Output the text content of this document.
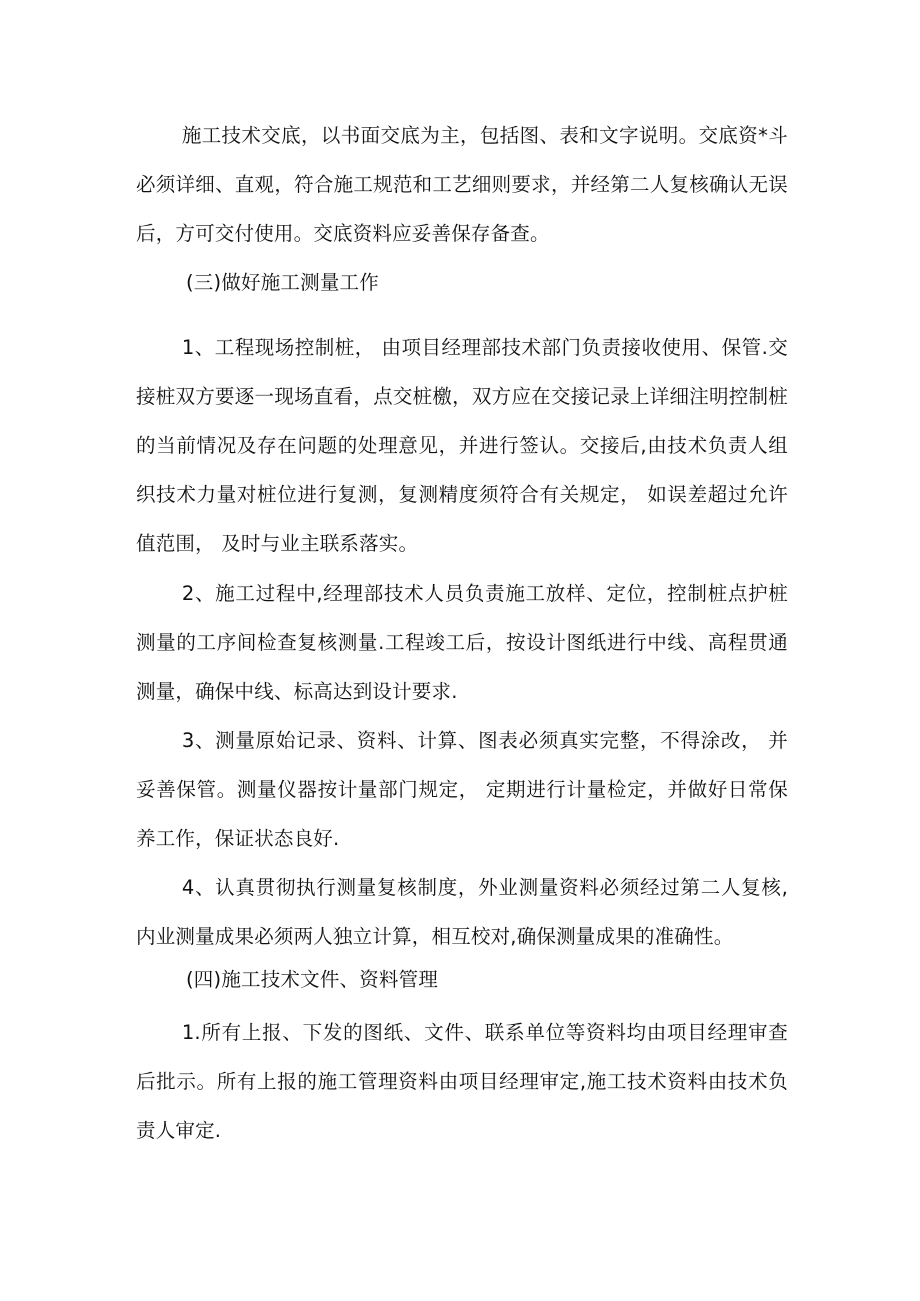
施工技术交底，以书面交底为主，包括图、表和文字说明。交底资*斗必须详细、直观，符合施工规范和工艺细则要求，并经第二人复核确认无误后，方可交付使用。交底资料应妥善保存备查。

(三)做好施工测量工作

1、工程现场控制桩， 由项目经理部技术部门负责接收使用、保管.交接桩双方要逐一现场直看，点交桩檄，双方应在交接记录上详细注明控制桩的当前情况及存在问题的处理意见，并进行签认。交接后,由技术负责人组织技术力量对桩位进行复测，复测精度须符合有关规定， 如误差超过允许值范围， 及时与业主联系落实。

2、施工过程中,经理部技术人员负责施工放样、定位，控制桩点护桩测量的工序间检查复核测量.工程竣工后，按设计图纸进行中线、高程贯通测量，确保中线、标高达到设计要求.

3、测量原始记录、资料、计算、图表必须真实完整，不得涂改， 并妥善保管。测量仪器按计量部门规定， 定期进行计量检定，并做好日常保养工作，保证状态良好.

4、认真贯彻执行测量复核制度，外业测量资料必须经过第二人复核,内业测量成果必须两人独立计算，相互校对,确保测量成果的准确性。

(四)施工技术文件、资料管理

1.所有上报、下发的图纸、文件、联系单位等资料均由项目经理审查后批示。所有上报的施工管理资料由项目经理审定,施工技术资料由技术负责人审定.
